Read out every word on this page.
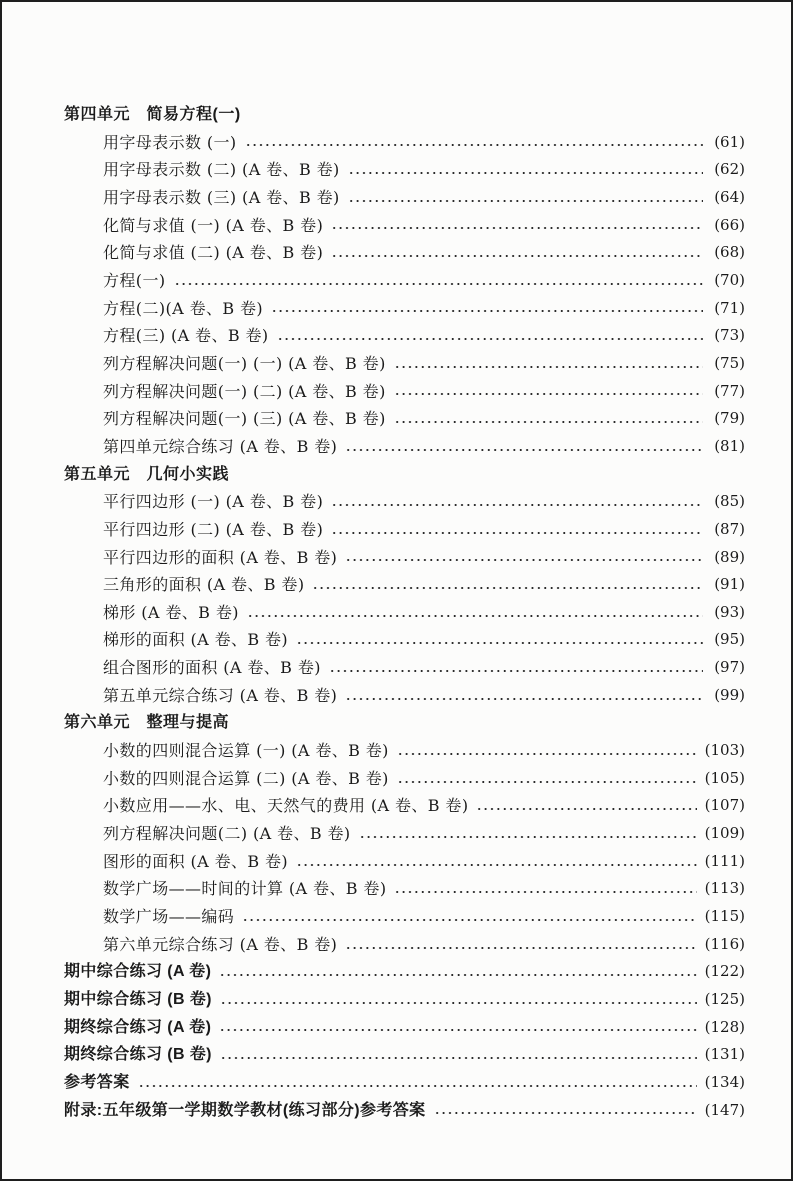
第四单元　简易方程(一)
用字母表示数 (一)	(61)
用字母表示数 (二) (A 卷、B 卷)	(62)
用字母表示数 (三) (A 卷、B 卷)	(64)
化简与求值 (一) (A 卷、B 卷)	(66)
化简与求值 (二) (A 卷、B 卷)	(68)
方程(一)	(70)
方程(二)(A 卷、B 卷)	(71)
方程(三) (A 卷、B 卷)	(73)
列方程解决问题(一) (一) (A 卷、B 卷)	(75)
列方程解决问题(一) (二) (A 卷、B 卷)	(77)
列方程解决问题(一) (三) (A 卷、B 卷)	(79)
第四单元综合练习 (A 卷、B 卷)	(81)
第五单元　几何小实践
平行四边形 (一) (A 卷、B 卷)	(85)
平行四边形 (二) (A 卷、B 卷)	(87)
平行四边形的面积 (A 卷、B 卷)	(89)
三角形的面积 (A 卷、B 卷)	(91)
梯形 (A 卷、B 卷)	(93)
梯形的面积 (A 卷、B 卷)	(95)
组合图形的面积 (A 卷、B 卷)	(97)
第五单元综合练习 (A 卷、B 卷)	(99)
第六单元　整理与提高
小数的四则混合运算 (一) (A 卷、B 卷)	(103)
小数的四则混合运算 (二) (A 卷、B 卷)	(105)
小数应用——水、电、天然气的费用 (A 卷、B 卷)	(107)
列方程解决问题(二) (A 卷、B 卷)	(109)
图形的面积 (A 卷、B 卷)	(111)
数学广场——时间的计算 (A 卷、B 卷)	(113)
数学广场——编码	(115)
第六单元综合练习 (A 卷、B 卷)	(116)
期中综合练习 (A 卷)	(122)
期中综合练习 (B 卷)	(125)
期终综合练习 (A 卷)	(128)
期终综合练习 (B 卷)	(131)
参考答案	(134)
附录:五年级第一学期数学教材(练习部分)参考答案	(147)
